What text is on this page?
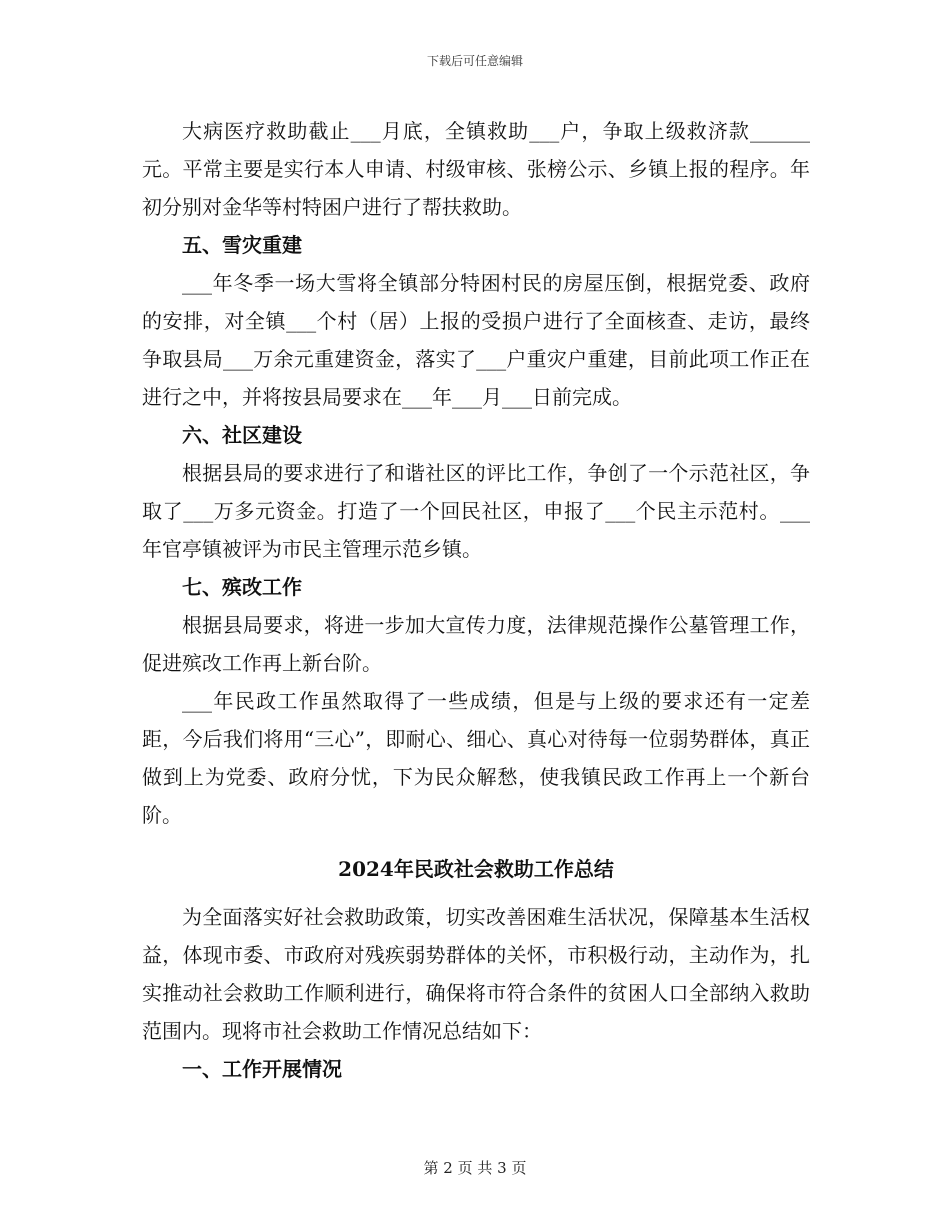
下载后可任意编辑

大病医疗救助截止___月底，全镇救助___户，争取上级救济款______元。平常主要是实行本人申请、村级审核、张榜公示、乡镇上报的程序。年初分别对金华等村特困户进行了帮扶救助。

五、雪灾重建

___年冬季一场大雪将全镇部分特困村民的房屋压倒，根据党委、政府的安排，对全镇___个村（居）上报的受损户进行了全面核查、走访，最终争取县局___万余元重建资金，落实了___户重灾户重建，目前此项工作正在进行之中，并将按县局要求在___年___月___日前完成。

六、社区建设

根据县局的要求进行了和谐社区的评比工作，争创了一个示范社区，争取了___万多元资金。打造了一个回民社区，申报了___个民主示范村。___年官亭镇被评为市民主管理示范乡镇。

七、殡改工作

根据县局要求，将进一步加大宣传力度，法律规范操作公墓管理工作，促进殡改工作再上新台阶。

___年民政工作虽然取得了一些成绩，但是与上级的要求还有一定差距，今后我们将用“三心”，即耐心、细心、真心对待每一位弱势群体，真正做到上为党委、政府分忧，下为民众解愁，使我镇民政工作再上一个新台阶。

2024年民政社会救助工作总结

为全面落实好社会救助政策，切实改善困难生活状况，保障基本生活权益，体现市委、市政府对残疾弱势群体的关怀，市积极行动，主动作为，扎实推动社会救助工作顺利进行，确保将市符合条件的贫困人口全部纳入救助范围内。现将市社会救助工作情况总结如下：

一、工作开展情况

第 2 页 共 3 页
